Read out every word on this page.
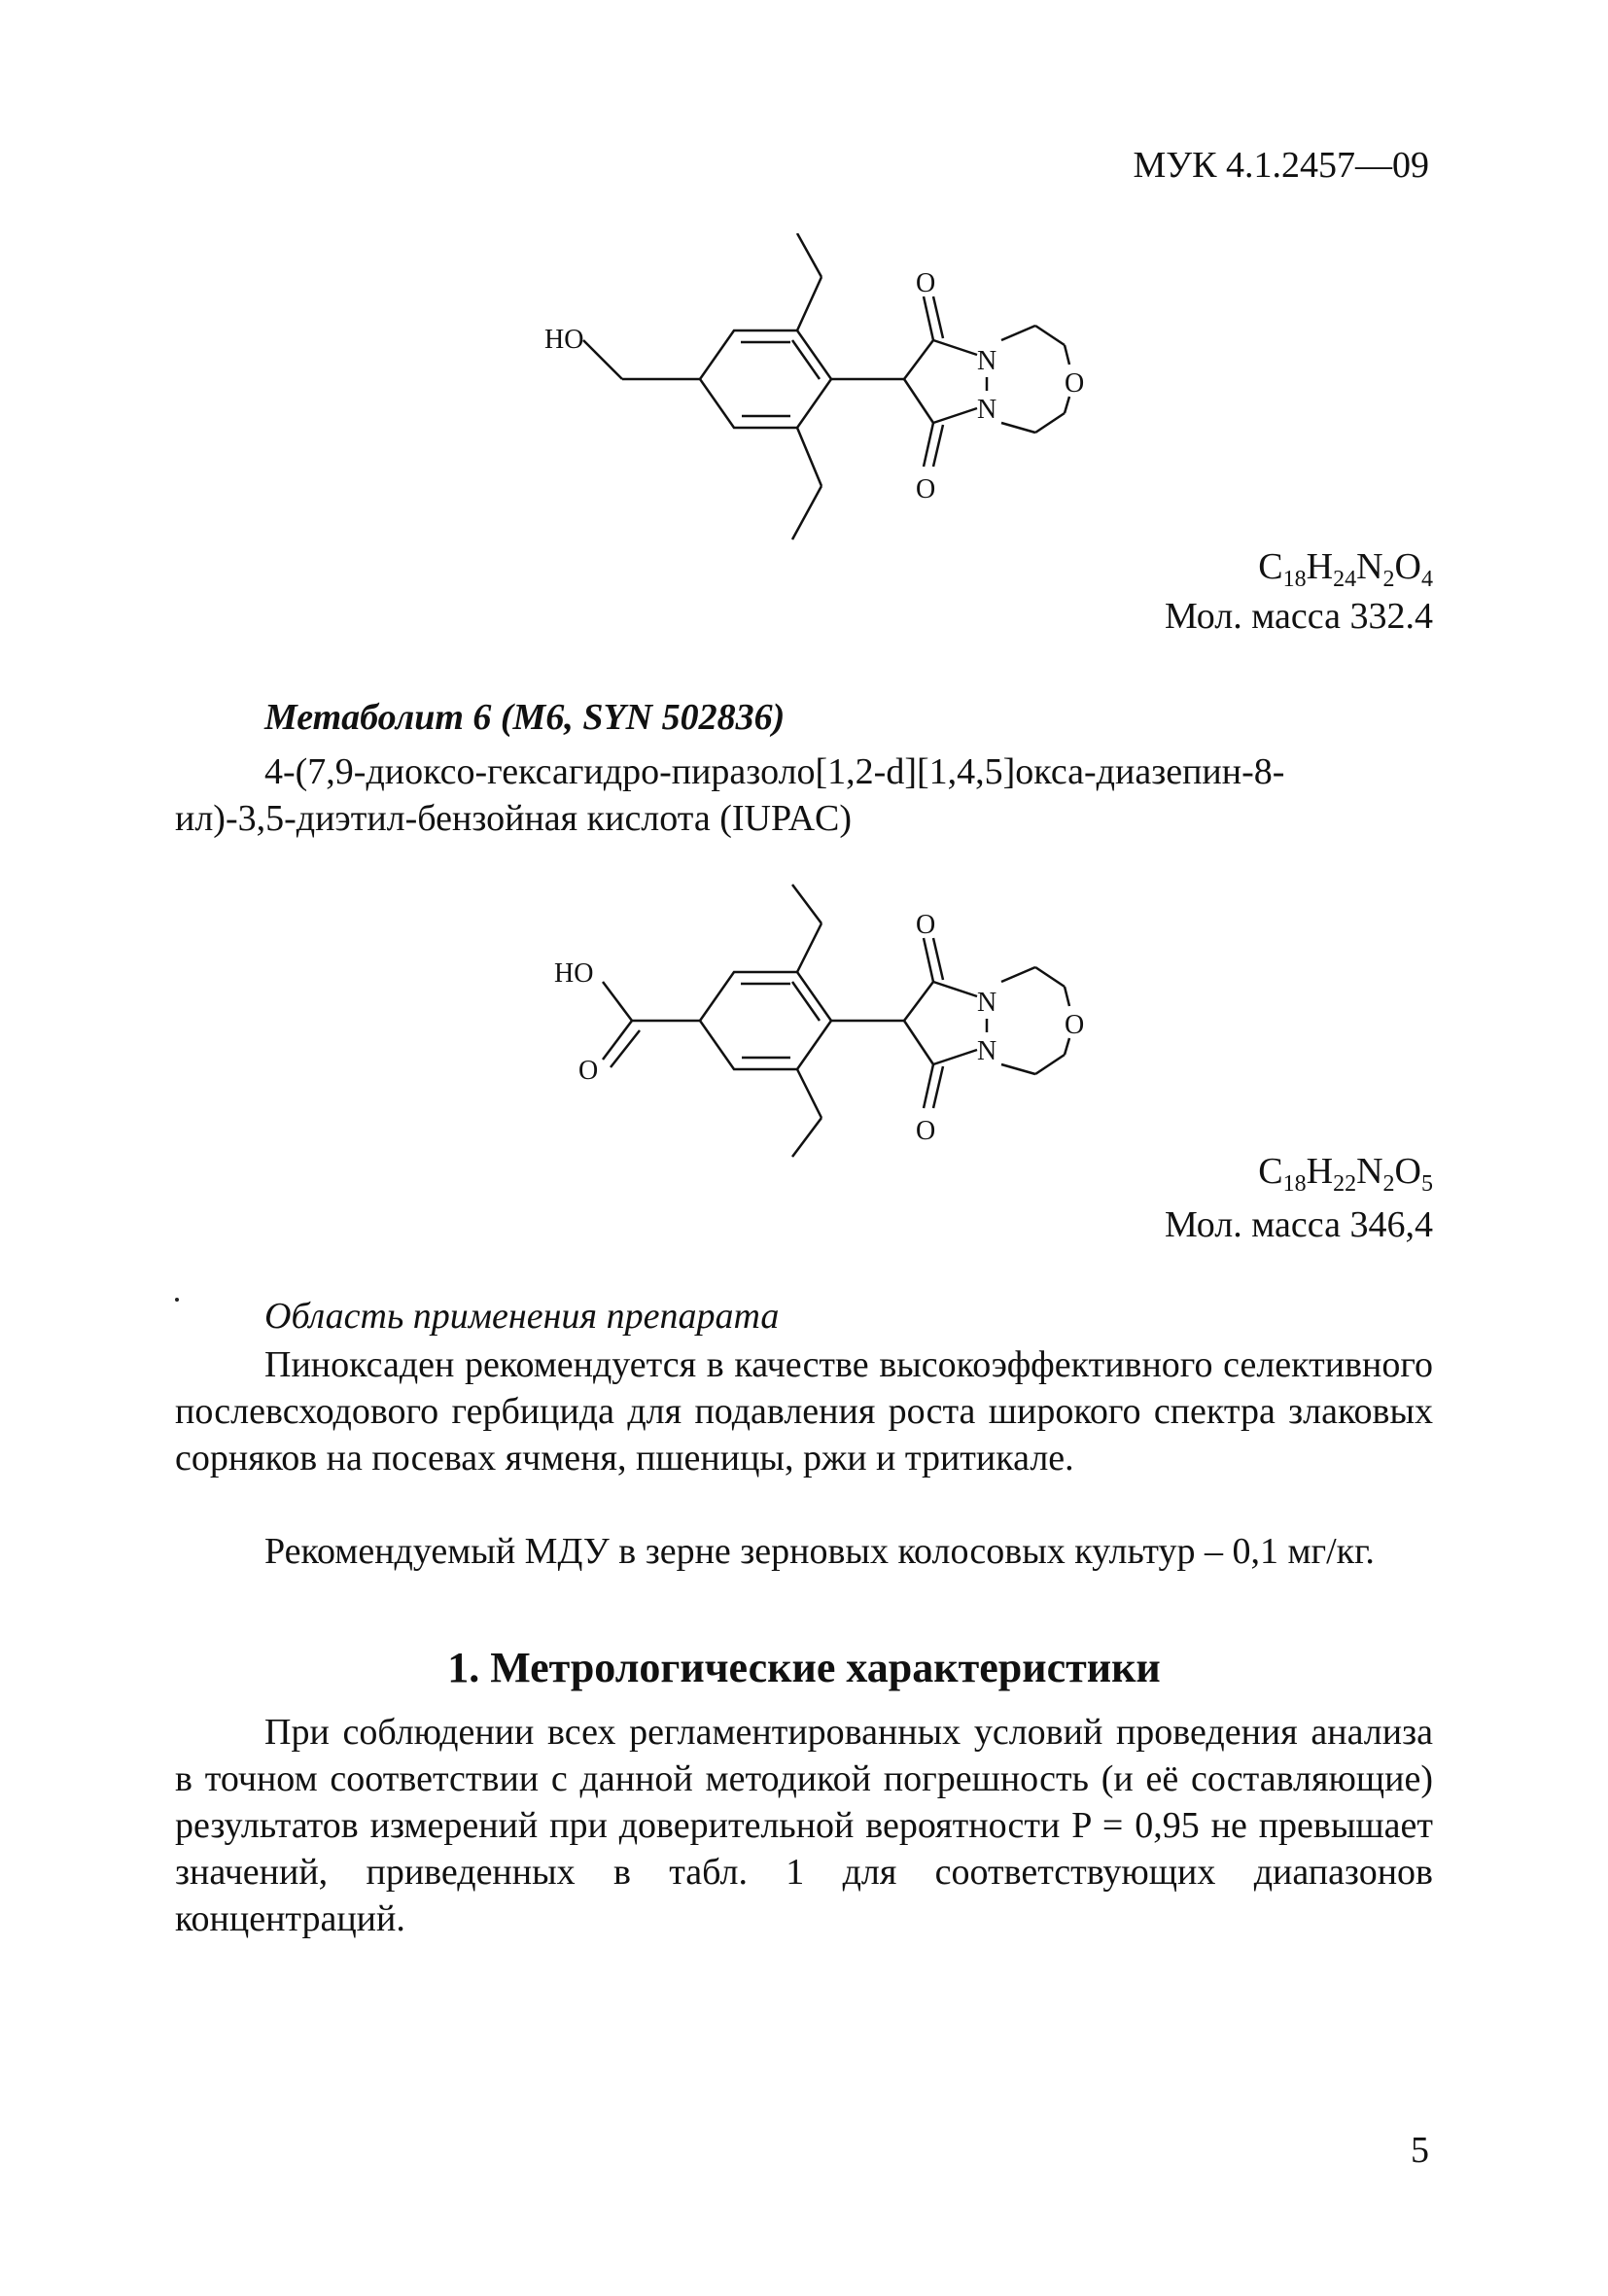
МУК 4.1.2457—09
HO
O
O
N
N
O
$C_{18}H_{24}N_2O_4$
Мол. масса 332.4
Метаболит 6 (М6, SYN 502836)
4-(7,9-диоксо-гексагидро-пиразоло[1,2-d][1,4,5]окса-диазепин-8-
ил)-3,5-диэтил-бензойная кислота (IUPAC)
HO
O
O
O
N
N
O
$C_{18}H_{22}N_2O_5$
Мол. масса 346,4
Область применения препарата
Пиноксаден рекомендуется в качестве высокоэффективного селективного послевсходового гербицида для подавления роста широкого спектра злаковых сорняков на посевах ячменя, пшеницы, ржи и тритикале.
Рекомендуемый МДУ в зерне зерновых колосовых культур – 0,1 мг/кг.
1. Метрологические характеристики
При соблюдении всех регламентированных условий проведения анализа в точном соответствии с данной методикой погрешность (и её составляющие) результатов измерений при доверительной вероятности P = 0,95 не превышает значений, приведенных в табл. 1 для соответствующих диапазонов концентраций.
5
